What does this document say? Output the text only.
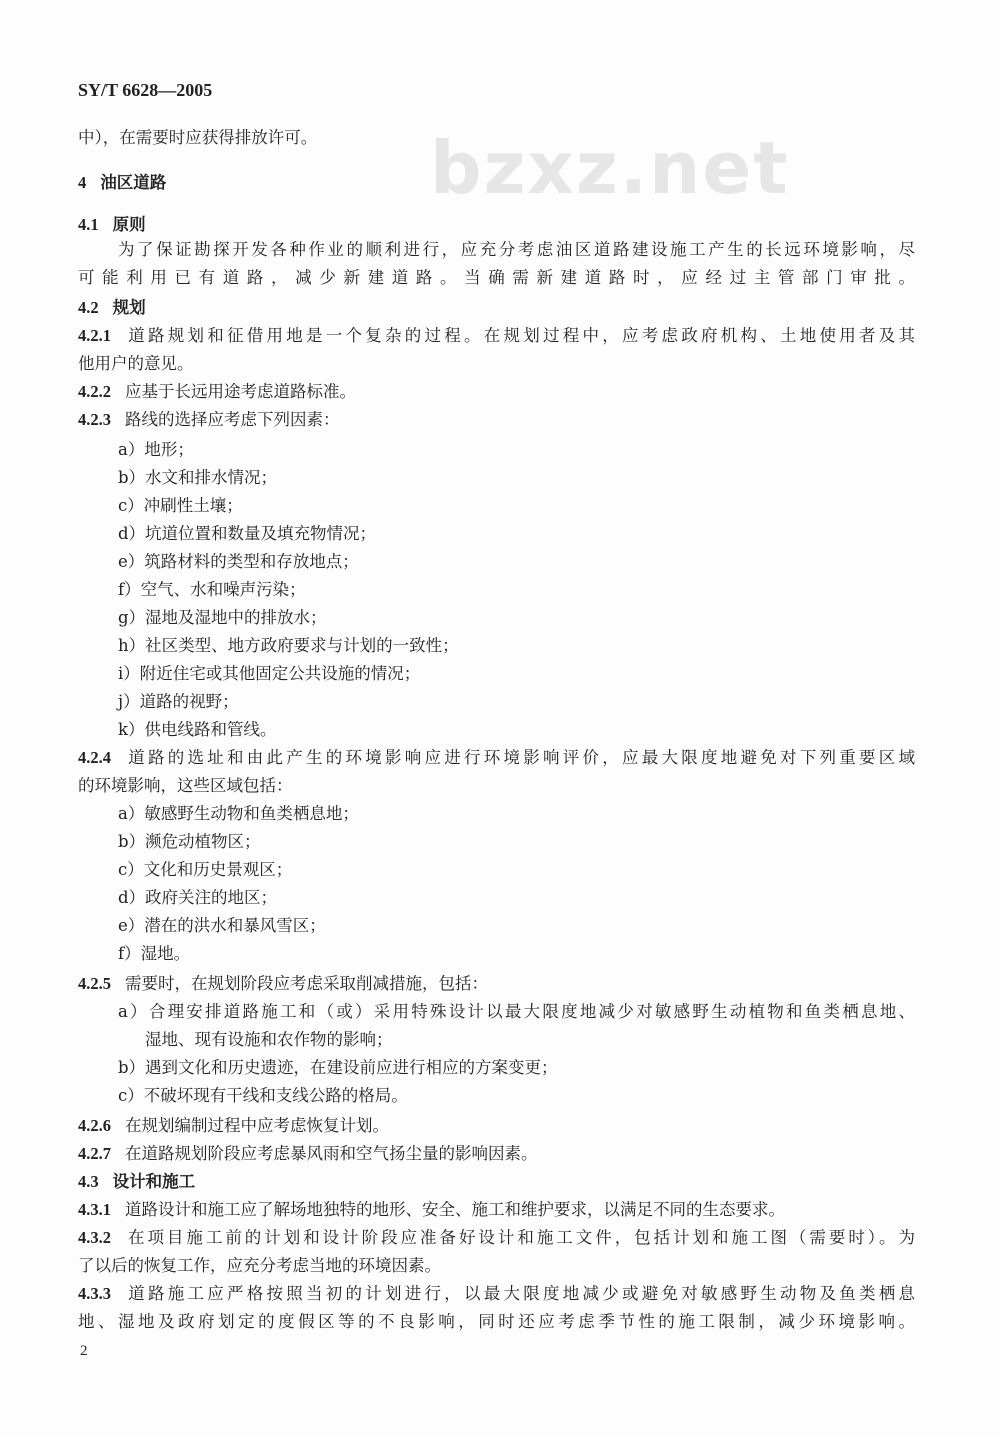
SY/T 6628—2005
bzxz.net
中），在需要时应获得排放许可。
4 油区道路
4.1 原则
为了保证勘探开发各种作业的顺利进行，应充分考虑油区道路建设施工产生的长远环境影响，尽
可能利用已有道路，减少新建道路。当确需新建道路时，应经过主管部门审批。
4.2 规划
4.2.1 道路规划和征借用地是一个复杂的过程。在规划过程中，应考虑政府机构、土地使用者及其
他用户的意见。
4.2.2 应基于长远用途考虑道路标准。
4.2.3 路线的选择应考虑下列因素：
a）地形；
b）水文和排水情况；
c）冲刷性土壤；
d）坑道位置和数量及填充物情况；
e）筑路材料的类型和存放地点；
f）空气、水和噪声污染；
g）湿地及湿地中的排放水；
h）社区类型、地方政府要求与计划的一致性；
i）附近住宅或其他固定公共设施的情况；
j）道路的视野；
k）供电线路和管线。
4.2.4 道路的选址和由此产生的环境影响应进行环境影响评价，应最大限度地避免对下列重要区域
的环境影响，这些区域包括：
a）敏感野生动物和鱼类栖息地；
b）濒危动植物区；
c）文化和历史景观区；
d）政府关注的地区；
e）潜在的洪水和暴风雪区；
f）湿地。
4.2.5 需要时，在规划阶段应考虑采取削减措施，包括：
a）合理安排道路施工和（或）采用特殊设计以最大限度地减少对敏感野生动植物和鱼类栖息地、
湿地、现有设施和农作物的影响；
b）遇到文化和历史遗迹，在建设前应进行相应的方案变更；
c）不破坏现有干线和支线公路的格局。
4.2.6 在规划编制过程中应考虑恢复计划。
4.2.7 在道路规划阶段应考虑暴风雨和空气扬尘量的影响因素。
4.3 设计和施工
4.3.1 道路设计和施工应了解场地独特的地形、安全、施工和维护要求，以满足不同的生态要求。
4.3.2 在项目施工前的计划和设计阶段应准备好设计和施工文件，包括计划和施工图（需要时）。为
了以后的恢复工作，应充分考虑当地的环境因素。
4.3.3 道路施工应严格按照当初的计划进行，以最大限度地减少或避免对敏感野生动物及鱼类栖息
地、湿地及政府划定的度假区等的不良影响，同时还应考虑季节性的施工限制，减少环境影响。
2
